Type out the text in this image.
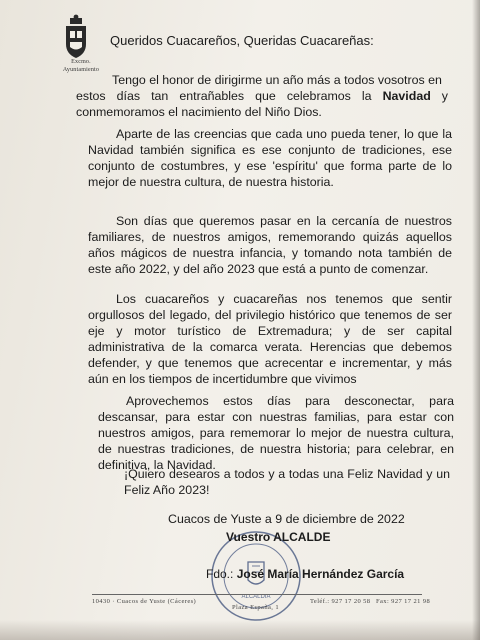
Excmo.
Ayuntamiento
Queridos Cuacareños, Queridas Cuacareñas:

Tengo el honor de dirigirme un año más a todos vosotros en

estos días tan entrañables que celebramos la Navidad y conmemoramos el nacimiento del Niño Dios.

Aparte de las creencias que cada uno pueda tener, lo que la Navidad también significa es ese conjunto de tradiciones, ese conjunto de costumbres, y ese 'espíritu' que forma parte de lo mejor de nuestra cultura, de nuestra historia.

Son días que queremos pasar en la cercanía de nuestros familiares, de nuestros amigos, rememorando quizás aquellos años mágicos de nuestra infancia, y tomando nota también de este año 2022, y del año 2023 que está a punto de comenzar.

Los cuacareños y cuacareñas nos tenemos que sentir orgullosos del legado, del privilegio histórico que tenemos de ser eje y motor turístico de Extremadura; y de ser capital administrativa de la comarca verata. Herencias que debemos defender, y que tenemos que acrecentar e incrementar, y más aún en los tiempos de incertidumbre que vivimos

Aprovechemos estos días para desconectar, para descansar, para estar con nuestras familias, para estar con nuestros amigos, para rememorar lo mejor de nuestra cultura, de nuestras tradiciones, de nuestra historia; para celebrar, en definitiva, la Navidad.

¡Quiero desearos a todos y a todas una Feliz Navidad y un Feliz Año 2023!

Cuacos de Yuste a 9 de diciembre de 2022
ALCALDIA
Vuestro ALCALDE
Fdo.: José María Hernández García
10430 · Cuacos de Yuste (Cáceres)
Plaza España, 1
Teléf.: 927 17 20 58 Fax: 927 17 21 98
